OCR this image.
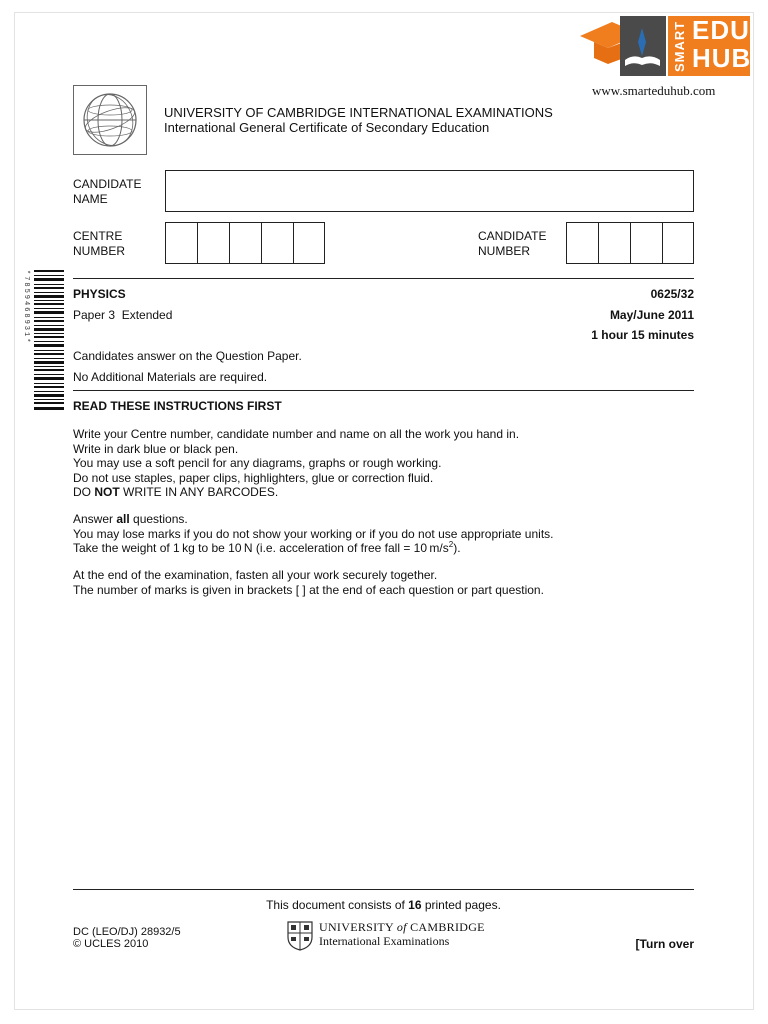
SMART EDU
HUB
www.smarteduhub.com
UNIVERSITY OF CAMBRIDGE INTERNATIONAL EXAMINATIONS
International General Certificate of Secondary Education
CANDIDATE
NAME
CENTRE
NUMBER
CANDIDATE
NUMBER
*7859468931*	PHYSICS	0625/32
Paper 3  Extended	May/June 2011
1 hour 15 minutes
Candidates answer on the Question Paper.
No Additional Materials are required.
READ THESE INSTRUCTIONS FIRST
Write your Centre number, candidate number and name on all the work you hand in.
Write in dark blue or black pen.
You may use a soft pencil for any diagrams, graphs or rough working.
Do not use staples, paper clips, highlighters, glue or correction fluid.
DO NOT WRITE IN ANY BARCODES.
Answer all questions.
You may lose marks if you do not show your working or if you do not use appropriate units.
Take the weight of 1 kg to be 10 N (i.e. acceleration of free fall = 10 $m/s^2$).
At the end of the examination, fasten all your work securely together.
The number of marks is given in brackets [ ] at the end of each question or part question.
This document consists of 16 printed pages.
DC (LEO/DJ) 28932/5
© UCLES 2010
UNIVERSITY of CAMBRIDGE
International Examinations	[Turn over
